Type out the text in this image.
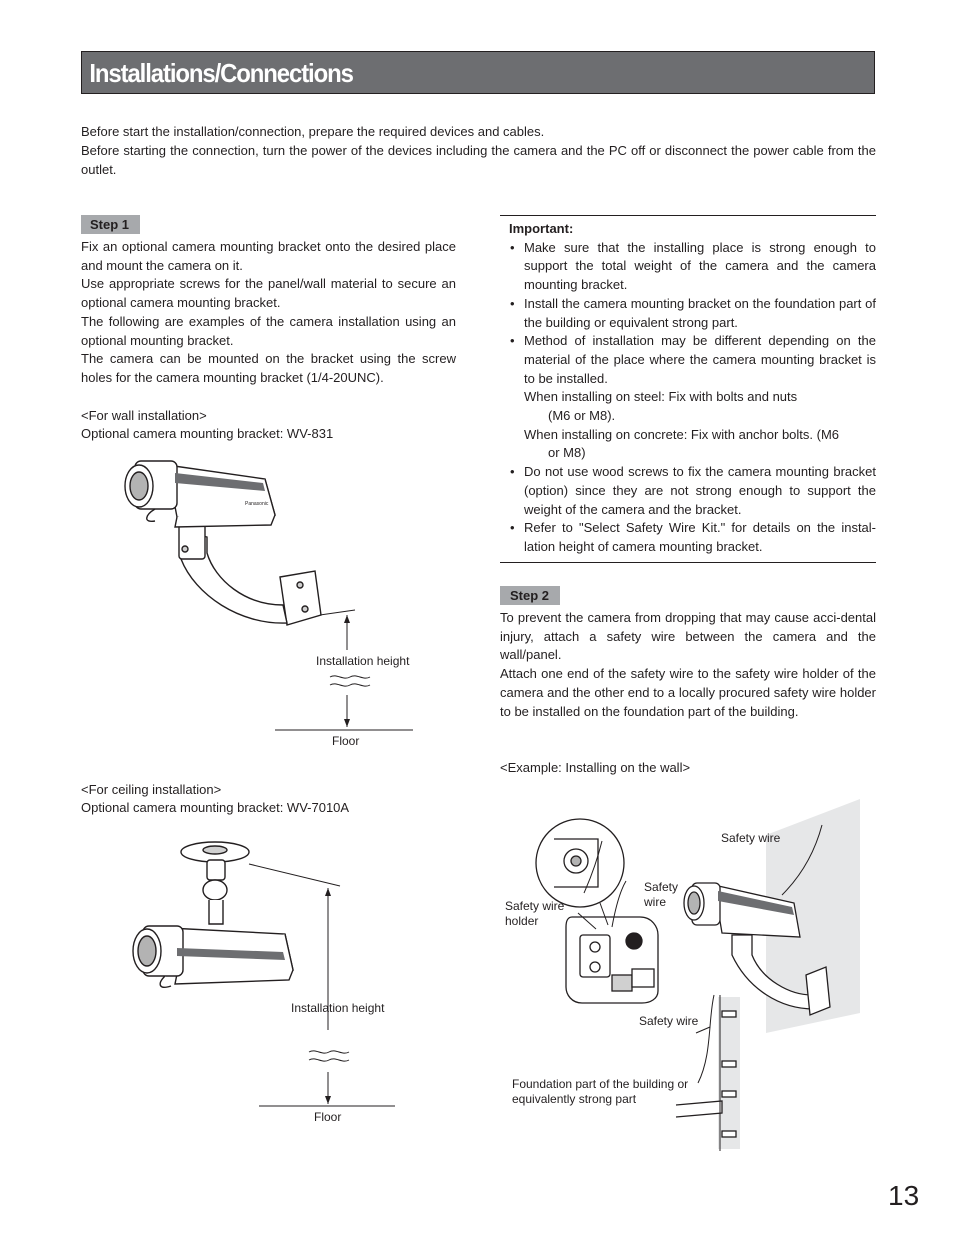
Installations/Connections

Before start the installation/connection, prepare the required devices and cables.

Before starting the connection, turn the power of the devices including the camera and the PC off or disconnect the power cable from the outlet.

Step 1

Fix an optional camera mounting bracket onto the desired place and mount the camera on it.

Use appropriate screws for the panel/wall material to secure an optional camera mounting bracket.

The following are examples of the camera installation using an optional mounting bracket.

The camera can be mounted on the bracket using the screw holes for the camera mounting bracket (1/4-20UNC).

<For wall installation>
Optional camera mounting bracket: WV-831
Panasonic
Installation height
Floor
<For ceiling installation>
Optional camera mounting bracket: WV-7010A
Installation height
Floor
Important:
• Make sure that the installing place is strong enough to support the total weight of the camera and the camera mounting bracket.
• Install the camera mounting bracket on the foundation part of the building or equivalent strong part.
• Method of installation may be different depending on the material of the place where the camera mounting bracket is to be installed.
When installing on steel: Fix with bolts and nuts
(M6 or M8).
When installing on concrete: Fix with anchor bolts. (M6
or M8)
• Do not use wood screws to fix the camera mounting bracket (option) since they are not strong enough to support the weight of the camera and the bracket.
• Refer to "Select Safety Wire Kit." for details on the instal-lation height of camera mounting bracket.
Step 2

To prevent the camera from dropping that may cause acci-dental injury, attach a safety wire between the camera and the wall/panel.

Attach one end of the safety wire to the safety wire holder of the camera and the other end to a locally procured safety wire holder to be installed on the foundation part of the building.

<Example: Installing on the wall>
Safety wire
Safety
wire
Safety wire
holder
Safety wire
Foundation part of the building or
equivalently strong part
13
